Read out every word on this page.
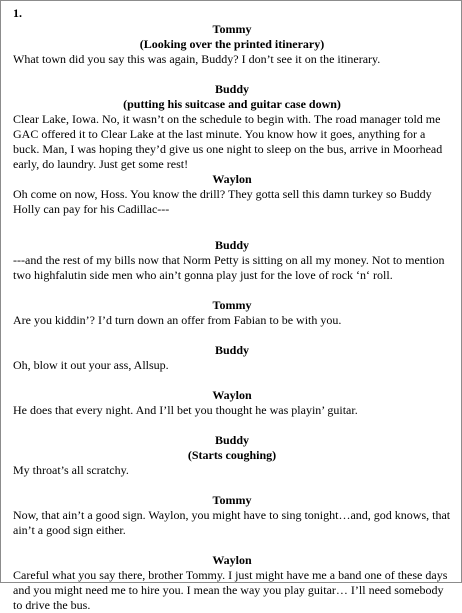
1.

Tommy

(Looking over the printed itinerary)

What town did you say this was again, Buddy? I don’t see it on the itinerary.

Buddy

(putting his suitcase and guitar case down)

Clear Lake, Iowa. No, it wasn’t on the schedule to begin with. The road manager told me GAC offered it to Clear Lake at the last minute. You know how it goes, anything for a buck. Man, I was hoping they’d give us one night to sleep on the bus, arrive in Moorhead early, do laundry. Just get some rest!

Waylon

Oh come on now, Hoss. You know the drill? They gotta sell this damn turkey so Buddy Holly can pay for his Cadillac---

Buddy

---and the rest of my bills now that Norm Petty is sitting on all my money. Not to mention two highfalutin side men who ain’t gonna play just for the love of rock ‘n‘ roll.

Tommy

Are you kiddin’? I’d turn down an offer from Fabian to be with you.

Buddy

Oh, blow it out your ass, Allsup.

Waylon

He does that every night. And I’ll bet you thought he was playin’ guitar.

Buddy

(Starts coughing)

My throat’s all scratchy.

Tommy

Now, that ain’t a good sign. Waylon, you might have to sing tonight…and, god knows, that ain’t a good sign either.

Waylon

Careful what you say there, brother Tommy. I just might have me a band one of these days and you might need me to hire you. I mean the way you play guitar… I’ll need somebody to drive the bus.
